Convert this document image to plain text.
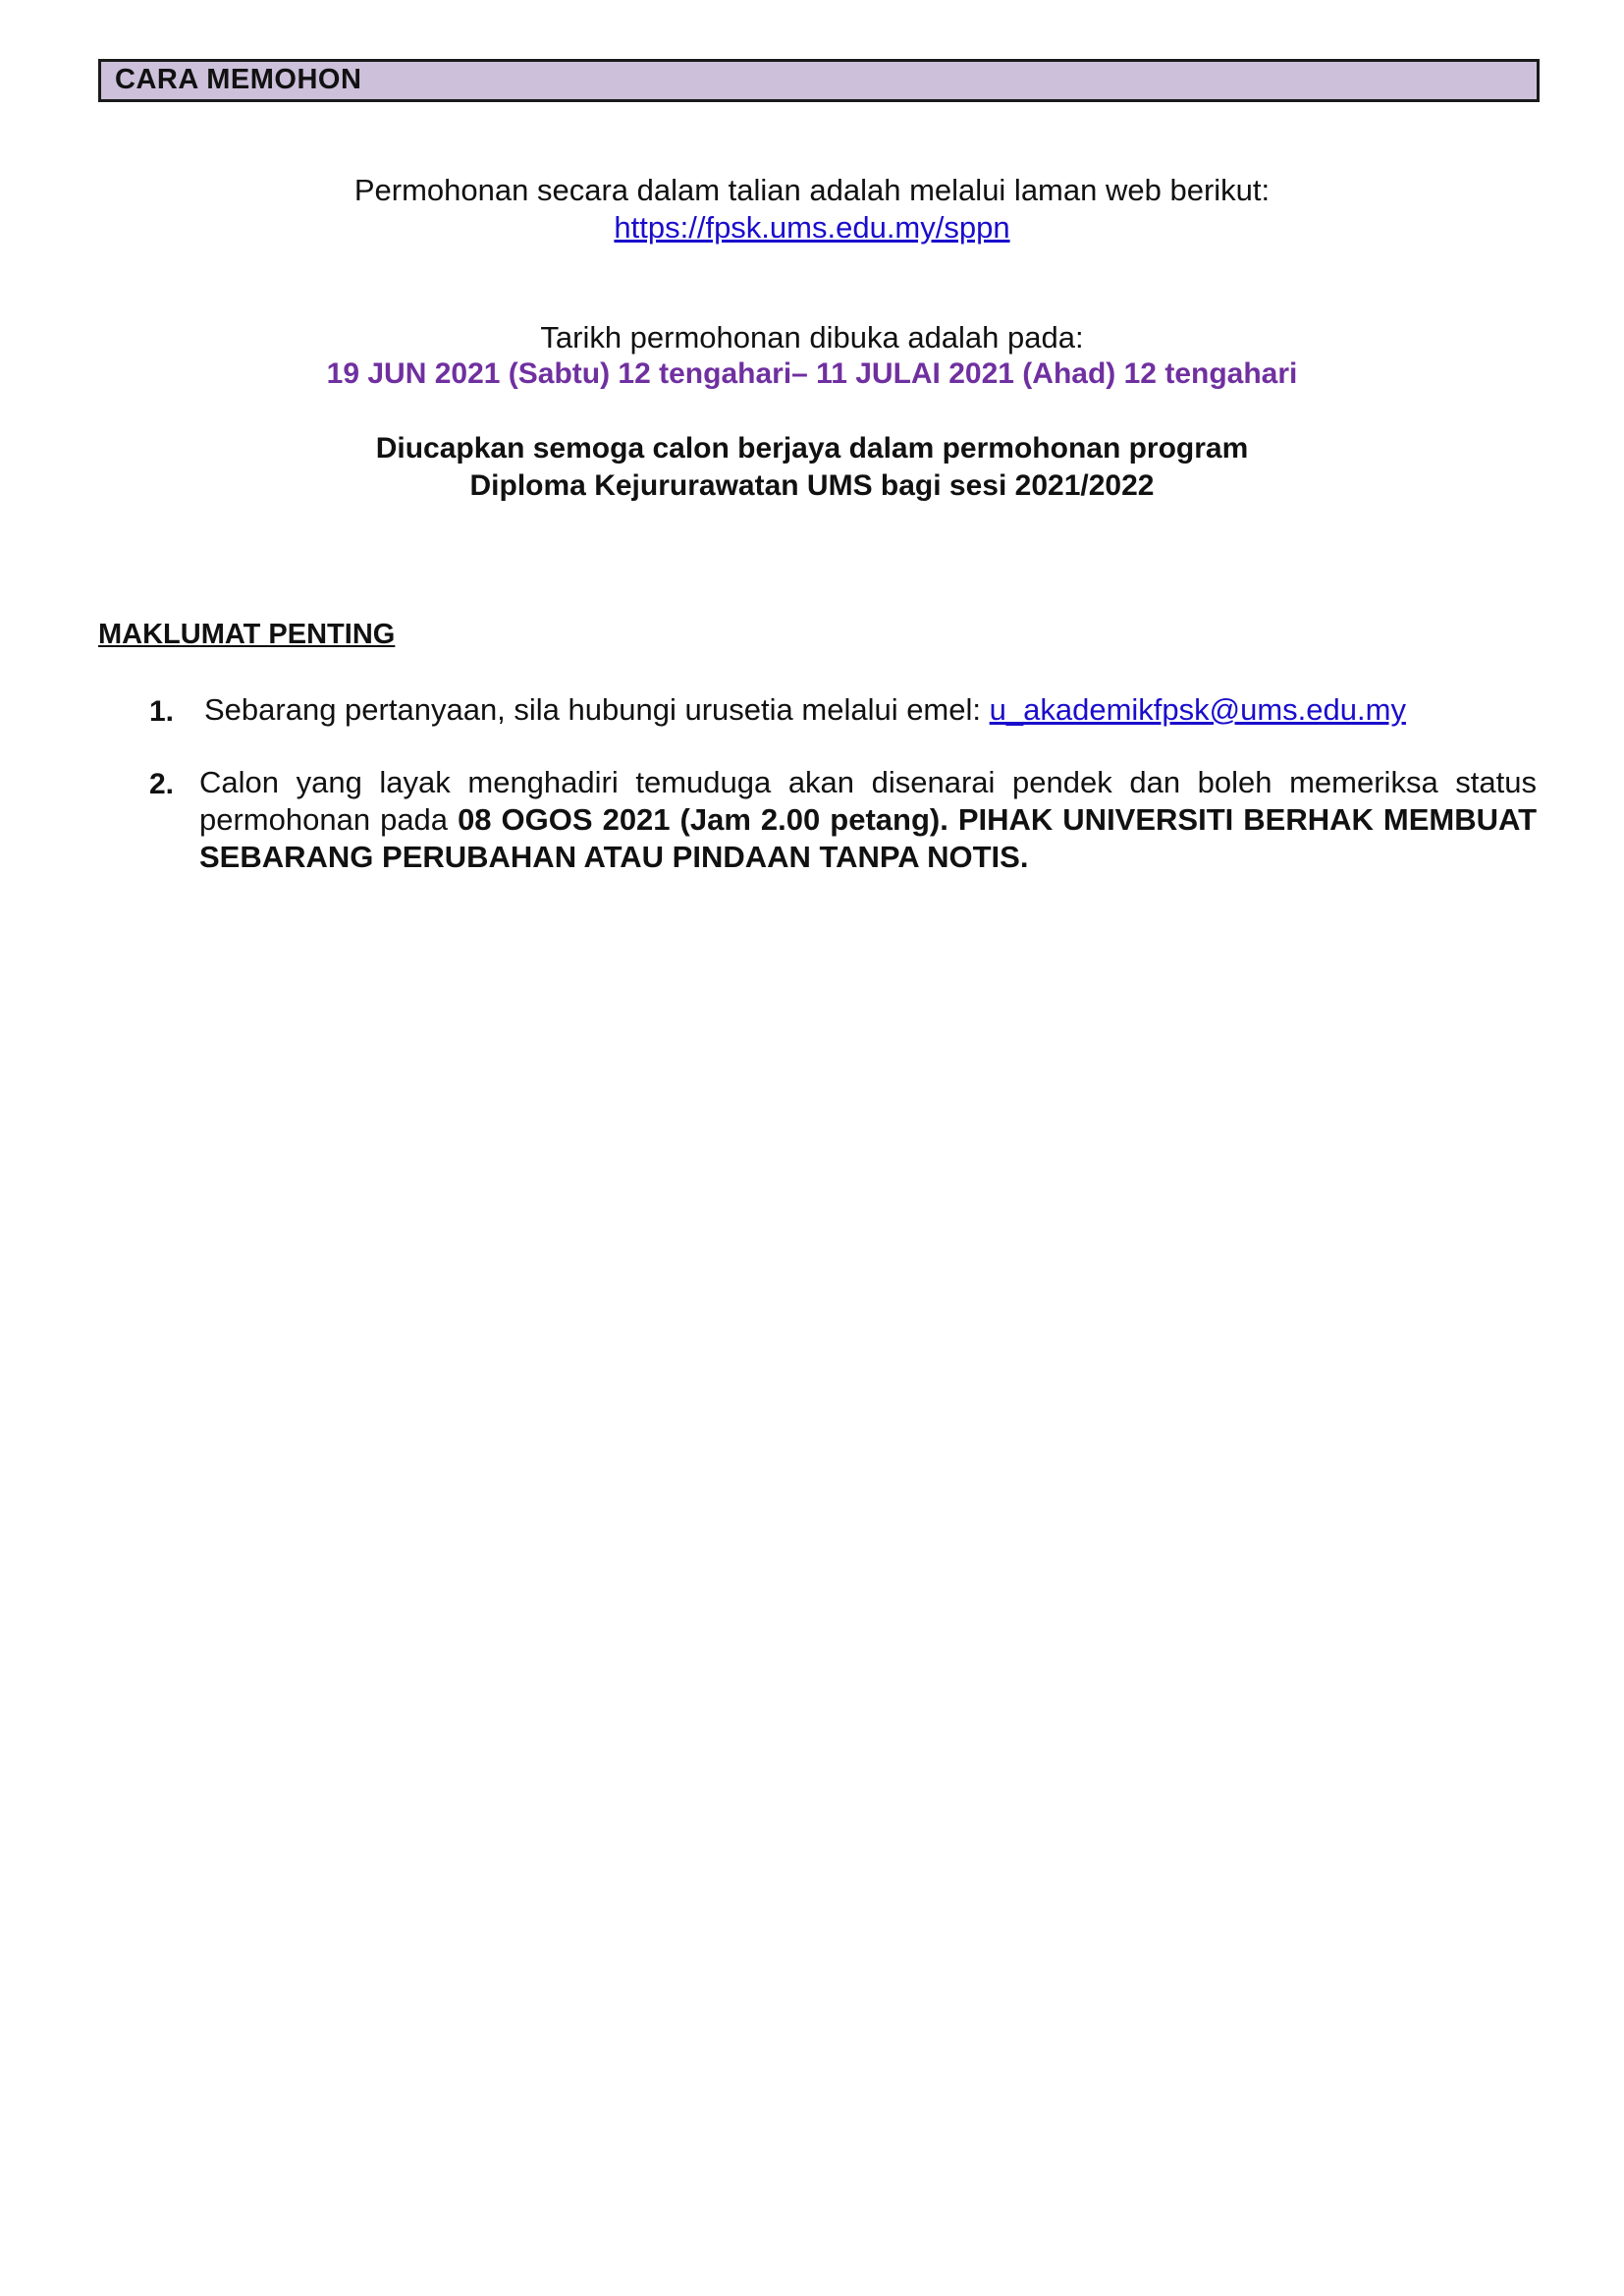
CARA MEMOHON
Permohonan secara dalam talian adalah melalui laman web berikut:
https://fpsk.ums.edu.my/sppn
Tarikh permohonan dibuka adalah pada:
19 JUN 2021 (Sabtu) 12 tengahari– 11 JULAI 2021 (Ahad) 12 tengahari
Diucapkan semoga calon berjaya dalam permohonan program
Diploma Kejururawatan UMS bagi sesi 2021/2022
MAKLUMAT PENTING
1. Sebarang pertanyaan, sila hubungi urusetia melalui emel: u_akademikfpsk@ums.edu.my
2. Calon yang layak menghadiri temuduga akan disenarai pendek dan boleh memeriksa status permohonan pada 08 OGOS 2021 (Jam 2.00 petang). PIHAK UNIVERSITI BERHAK MEMBUAT SEBARANG PERUBAHAN ATAU PINDAAN TANPA NOTIS.
